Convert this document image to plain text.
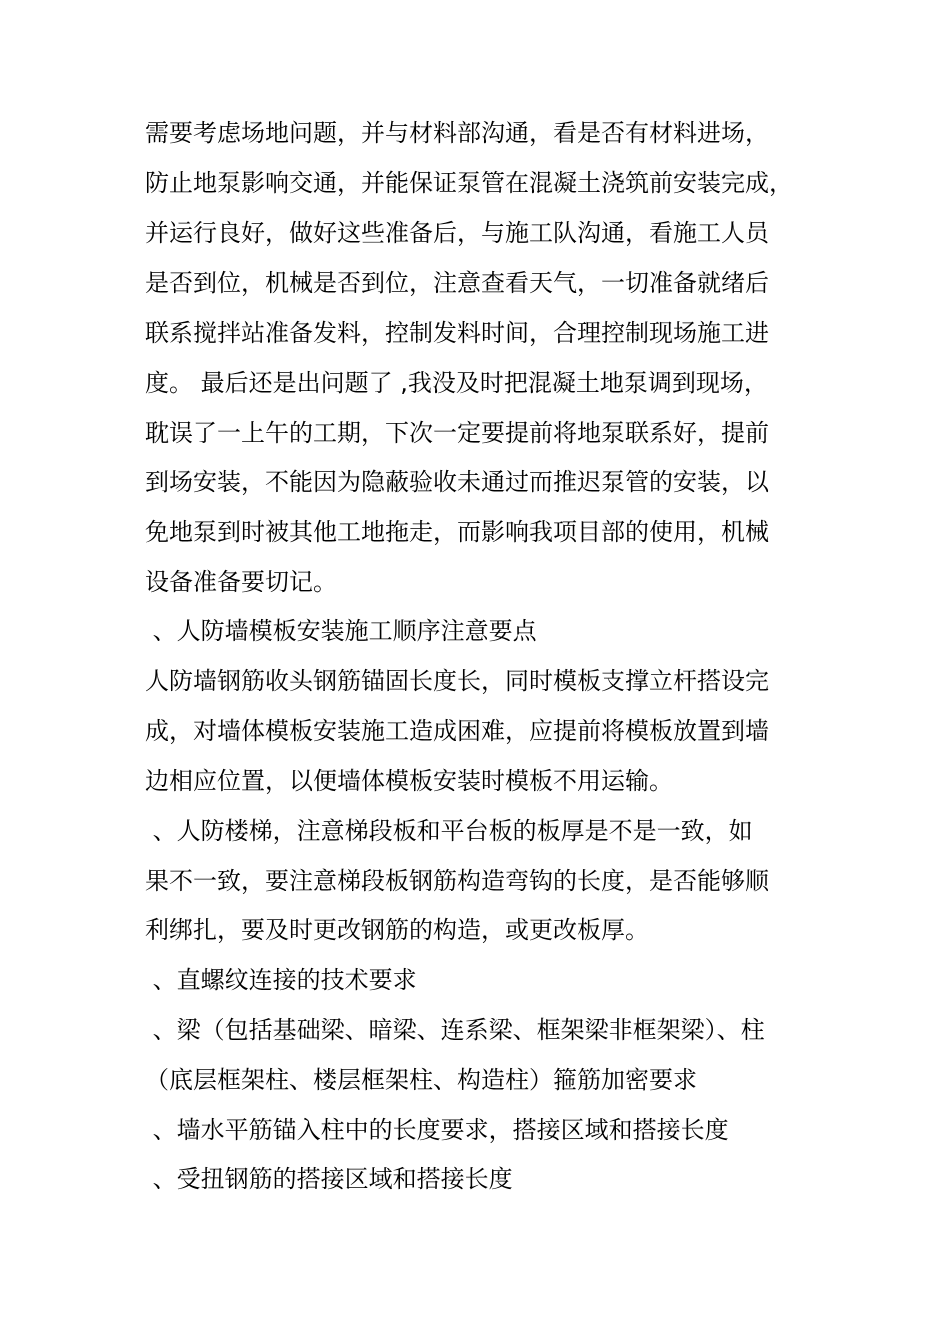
需要考虑场地问题，并与材料部沟通，看是否有材料进场，
防止地泵影响交通，并能保证泵管在混凝土浇筑前安装完成，
并运行良好，做好这些准备后，与施工队沟通，看施工人员
是否到位，机械是否到位，注意查看天气，一切准备就绪后
联系搅拌站准备发料，控制发料时间，合理控制现场施工进
度。 最后还是出问题了 ,我没及时把混凝土地泵调到现场，
耽误了一上午的工期，下次一定要提前将地泵联系好，提前
到场安装，不能因为隐蔽验收未通过而推迟泵管的安装，以
免地泵到时被其他工地拖走，而影响我项目部的使用，机械
设备准备要切记。
、人防墙模板安装施工顺序注意要点
人防墙钢筋收头钢筋锚固长度长，同时模板支撑立杆搭设完
成，对墙体模板安装施工造成困难，应提前将模板放置到墙
边相应位置，以便墙体模板安装时模板不用运输。
、人防楼梯，注意梯段板和平台板的板厚是不是一致，如
果不一致，要注意梯段板钢筋构造弯钩的长度，是否能够顺
利绑扎，要及时更改钢筋的构造，或更改板厚。
、直螺纹连接的技术要求
、梁（包括基础梁、暗梁、连系梁、框架梁非框架梁）、柱
（底层框架柱、楼层框架柱、构造柱）箍筋加密要求
、墙水平筋锚入柱中的长度要求，搭接区域和搭接长度
、受扭钢筋的搭接区域和搭接长度
